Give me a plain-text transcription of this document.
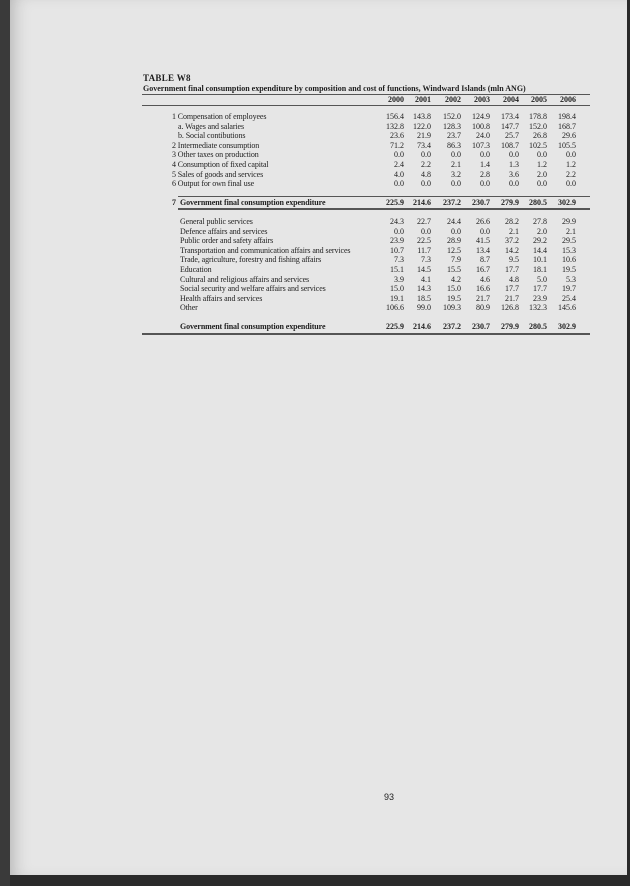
TABLE W8
Government final consumption expenditure by composition and cost of functions, Windward Islands (mln ANG)
2000	2001	2002	2003	2004	2005	2006
1 Compensation of employees	156.4	143.8	152.0	124.9	173.4	178.8	198.4
a. Wages and salaries	132.8	122.0	128.3	100.8	147.7	152.0	168.7
b. Social contibutions	23.6	21.9	23.7	24.0	25.7	26.8	29.6
2 Intermediate consumption	71.2	73.4	86.3	107.3	108.7	102.5	105.5
3 Other taxes on production	0.0	0.0	0.0	0.0	0.0	0.0	0.0
4 Consumption of fixed capital	2.4	2.2	2.1	1.4	1.3	1.2	1.2
5 Sales of goods and services	4.0	4.8	3.2	2.8	3.6	2.0	2.2
6 Output for own final use	0.0	0.0	0.0	0.0	0.0	0.0	0.0
7 Government final consumption expenditure	225.9	214.6	237.2	230.7	279.9	280.5	302.9
General public services	24.3	22.7	24.4	26.6	28.2	27.8	29.9
Defence affairs and services	0.0	0.0	0.0	0.0	2.1	2.0	2.1
Public order and safety affairs	23.9	22.5	28.9	41.5	37.2	29.2	29.5
Transportation and communication affairs and services	10.7	11.7	12.5	13.4	14.2	14.4	15.3
Trade, agriculture, forestry and fishing affairs	7.3	7.3	7.9	8.7	9.5	10.1	10.6
Education	15.1	14.5	15.5	16.7	17.7	18.1	19.5
Cultural and religious affairs and services	3.9	4.1	4.2	4.6	4.8	5.0	5.3
Social security and welfare affairs and services	15.0	14.3	15.0	16.6	17.7	17.7	19.7
Health affairs and services	19.1	18.5	19.5	21.7	21.7	23.9	25.4
Other	106.6	99.0	109.3	80.9	126.8	132.3	145.6
Government final consumption expenditure	225.9	214.6	237.2	230.7	279.9	280.5	302.9
93
